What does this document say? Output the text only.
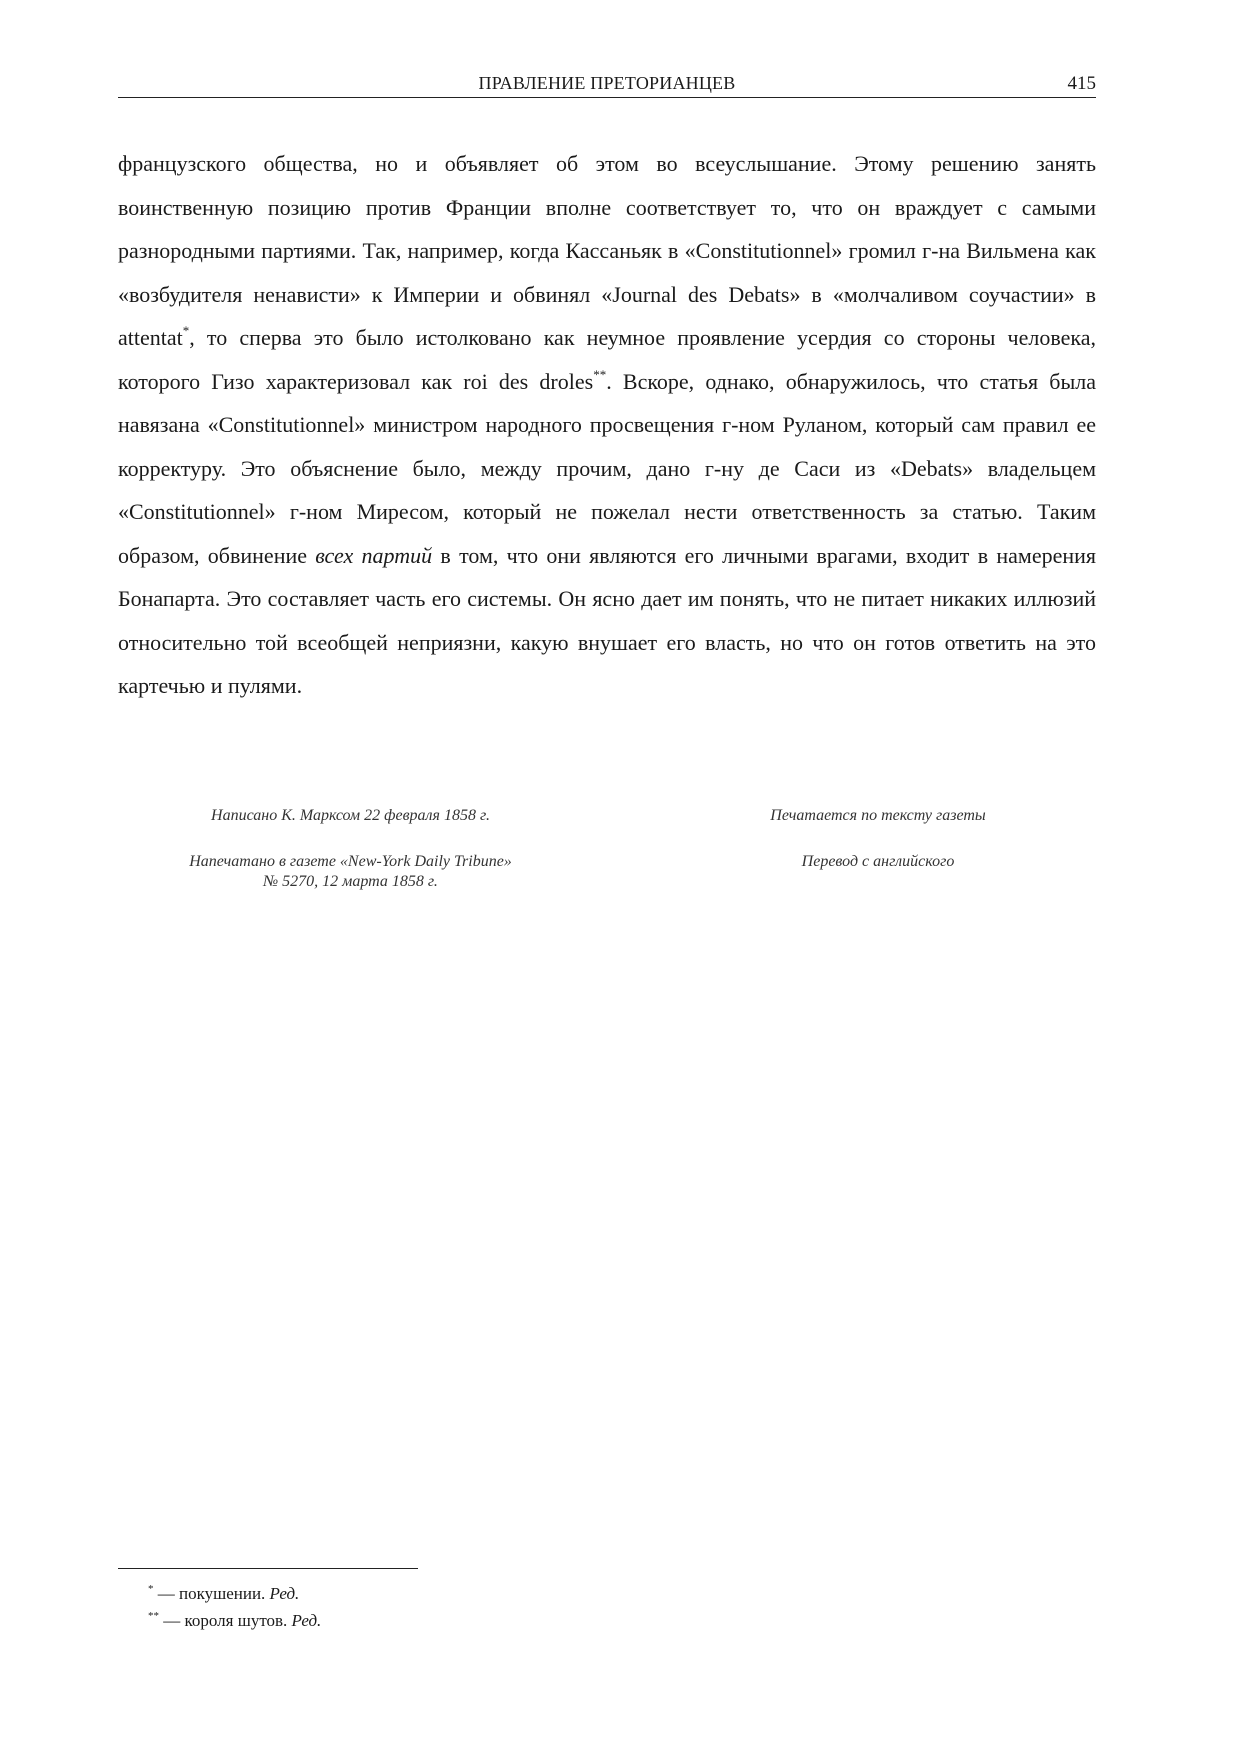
ПРАВЛЕНИЕ ПРЕТОРИАНЦЕВ	415

французского общества, но и объявляет об этом во всеуслышание. Этому решению занять воинственную позицию против Франции вполне соответствует то, что он враждует с самыми разнородными партиями. Так, например, когда Кассаньяк в «Constitutionnel» громил г-на Вильмена как «возбудителя ненависти» к Империи и обвинял «Journal des Debats» в «молчаливом соучастии» в attentat*, то сперва это было истолковано как неумное проявление усердия со стороны человека, которого Гизо характеризовал как roi des droles**. Вскоре, однако, обнаружилось, что статья была навязана «Constitutionnel» министром народного просвещения г-ном Руланом, который сам правил ее корректуру. Это объяснение было, между прочим, дано г-ну де Саси из «Debats» владельцем «Constitutionnel» г-ном Миресом, который не пожелал нести ответственность за статью. Таким образом, обвинение всех партий в том, что они являются его личными врагами, входит в намерения Бонапарта. Это составляет часть его системы. Он ясно дает им понять, что не питает никаких иллюзий относительно той всеобщей неприязни, какую внушает его власть, но что он готов ответить на это картечью и пулями.

Написано К. Марксом 22 февраля 1858 г.
Напечатано в газете «New-York Daily Tribune»
№ 5270, 12 марта 1858 г.
Печатается по тексту газеты
Перевод с английского
* — покушении. Ред.
** — короля шутов. Ред.
